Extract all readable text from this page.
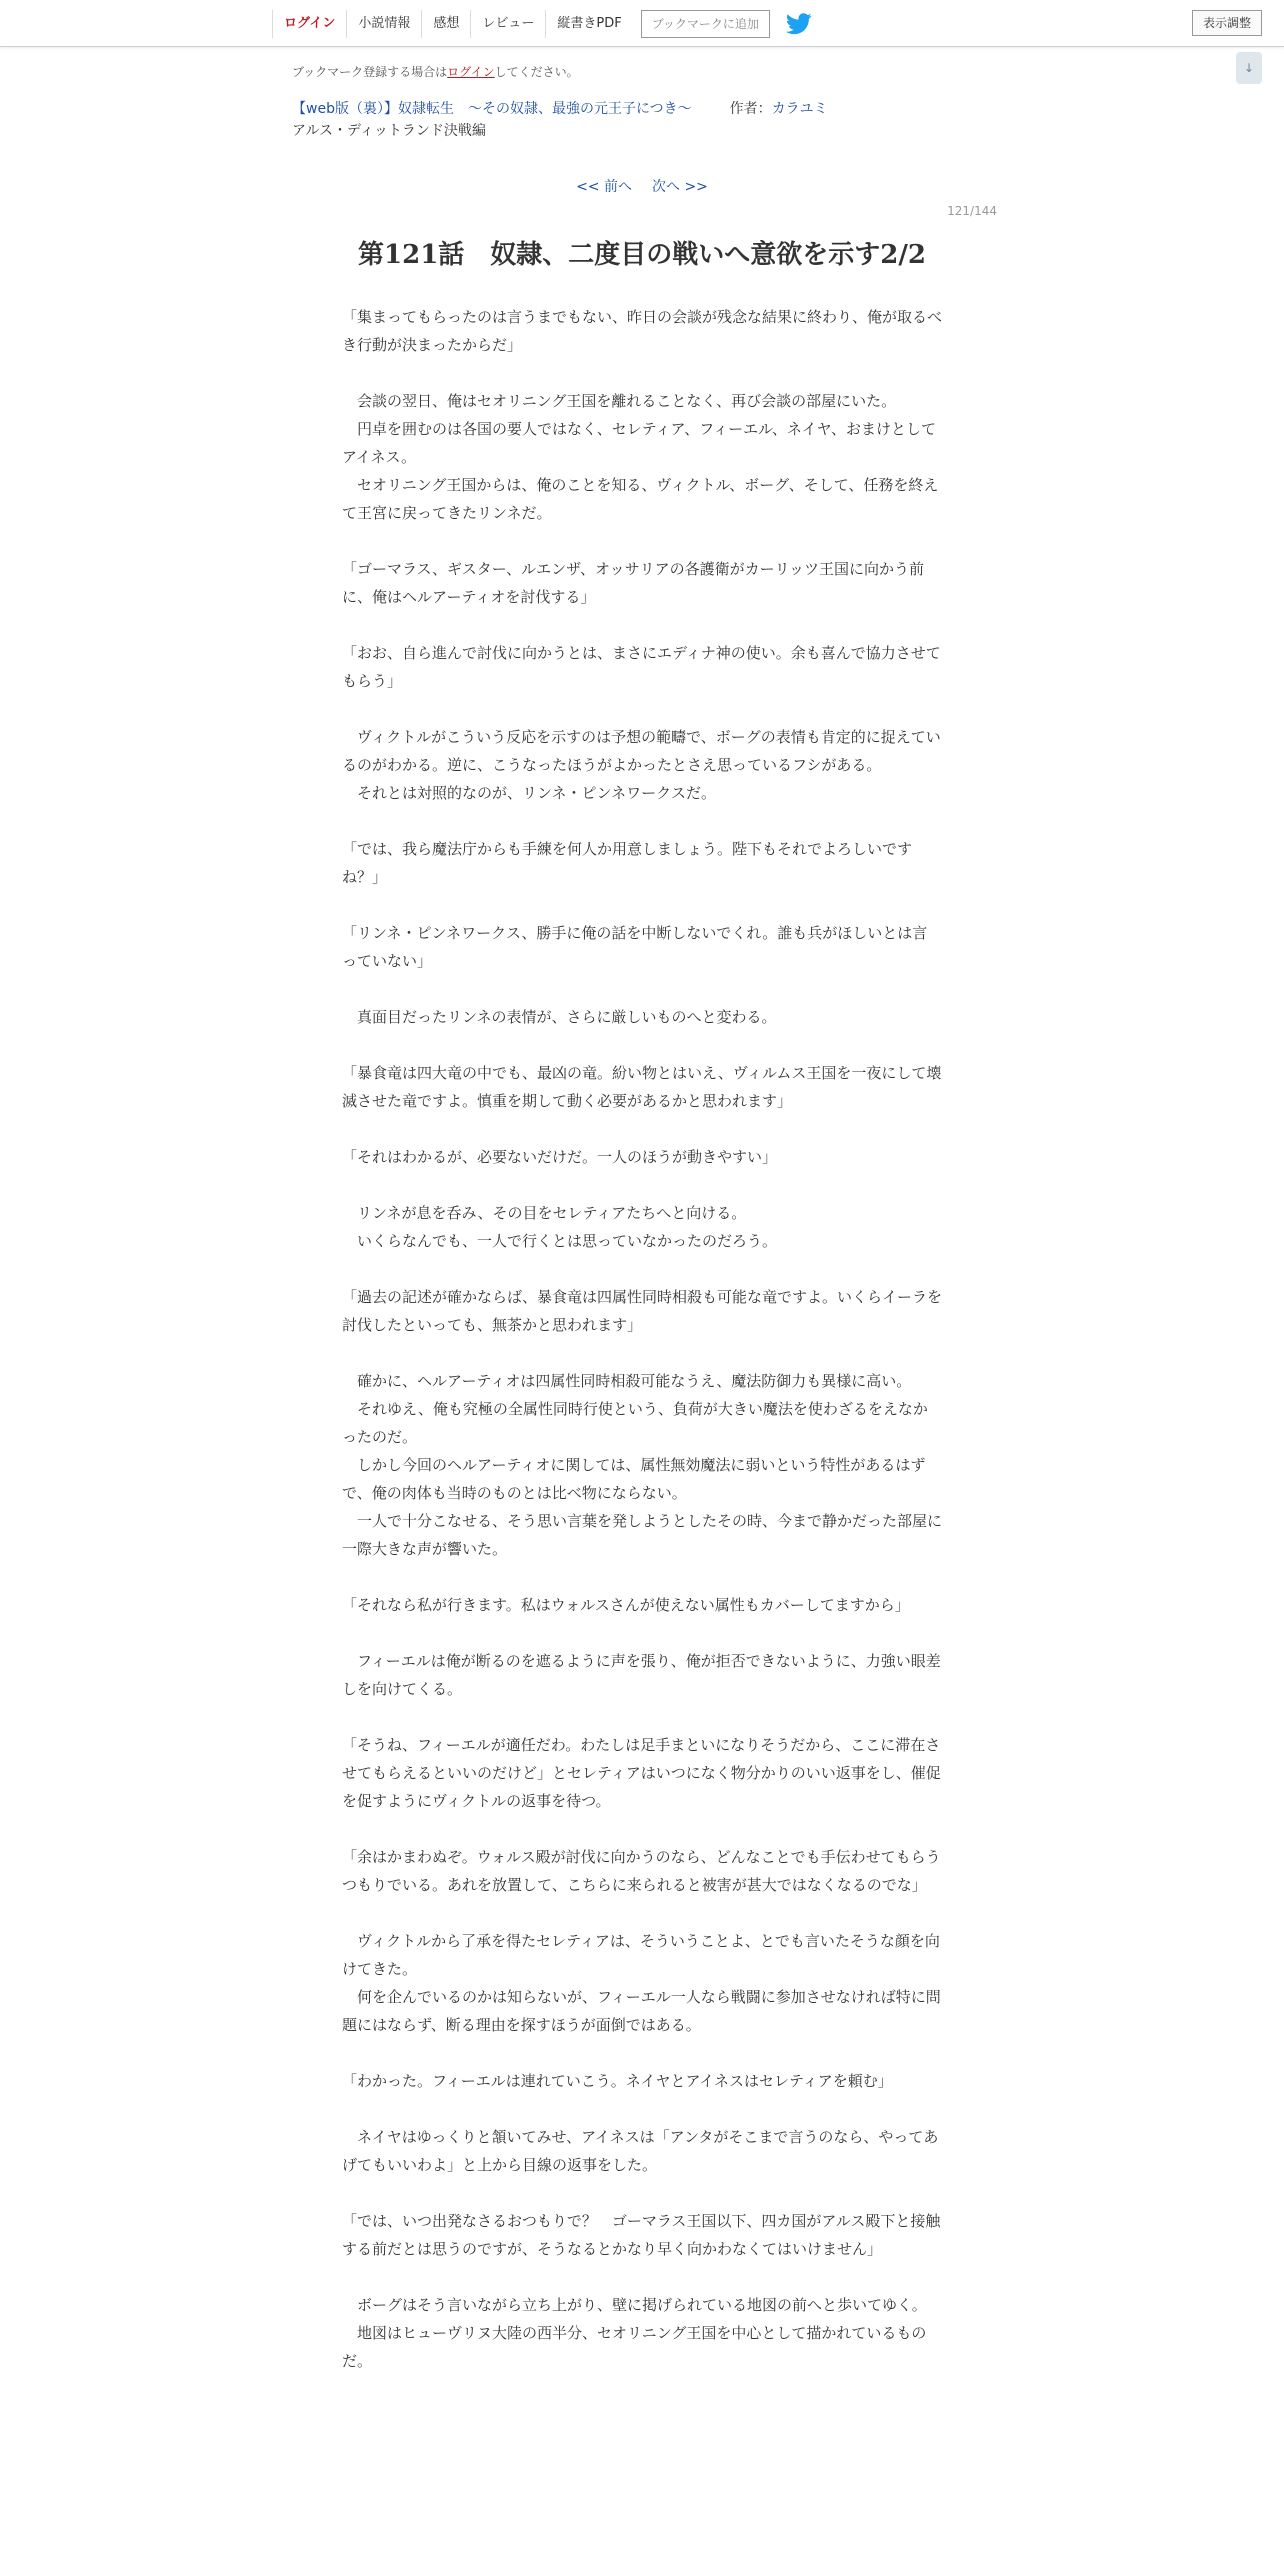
ログイン	小説情報	感想	レビュー	縦書きPDF	ブックマークに追加	表示調整
↓
ブックマーク登録する場合はログインしてください。
【web版（裏）】奴隷転生　～その奴隷、最強の元王子につき～	作者：カラユミ
アルス・ディットランド決戦編
<< 前へ 次へ >>
121/144
第121話　奴隷、二度目の戦いへ意欲を示す2/2

「集まってもらったのは言うまでもない、昨日の会談が残念な結果に終わり、俺が取るべき行動が決まったからだ」

　会談の翌日、俺はセオリニング王国を離れることなく、再び会談の部屋にいた。

　円卓を囲むのは各国の要人ではなく、セレティア、フィーエル、ネイヤ、おまけとしてアイネス。

　セオリニング王国からは、俺のことを知る、ヴィクトル、ボーグ、そして、任務を終えて王宮に戻ってきたリンネだ。

「ゴーマラス、ギスター、ルエンザ、オッサリアの各護衛がカーリッツ王国に向かう前に、俺はヘルアーティオを討伐する」

「おお、自ら進んで討伐に向かうとは、まさにエディナ神の使い。余も喜んで協力させてもらう」

　ヴィクトルがこういう反応を示すのは予想の範疇で、ボーグの表情も肯定的に捉えているのがわかる。逆に、こうなったほうがよかったとさえ思っているフシがある。

　それとは対照的なのが、リンネ・ピンネワークスだ。

「では、我ら魔法庁からも手練を何人か用意しましょう。陛下もそれでよろしいですね？」

「リンネ・ピンネワークス、勝手に俺の話を中断しないでくれ。誰も兵がほしいとは言っていない」

　真面目だったリンネの表情が、さらに厳しいものへと変わる。

「暴食竜は四大竜の中でも、最凶の竜。紛い物とはいえ、ヴィルムス王国を一夜にして壊滅させた竜ですよ。慎重を期して動く必要があるかと思われます」

「それはわかるが、必要ないだけだ。一人のほうが動きやすい」

　リンネが息を呑み、その目をセレティアたちへと向ける。

　いくらなんでも、一人で行くとは思っていなかったのだろう。

「過去の記述が確かならば、暴食竜は四属性同時相殺も可能な竜ですよ。いくらイーラを討伐したといっても、無茶かと思われます」

　確かに、ヘルアーティオは四属性同時相殺可能なうえ、魔法防御力も異様に高い。

　それゆえ、俺も究極の全属性同時行使という、負荷が大きい魔法を使わざるをえなかったのだ。

　しかし今回のヘルアーティオに関しては、属性無効魔法に弱いという特性があるはずで、俺の肉体も当時のものとは比べ物にならない。

　一人で十分こなせる、そう思い言葉を発しようとしたその時、今まで静かだった部屋に一際大きな声が響いた。

「それなら私が行きます。私はウォルスさんが使えない属性もカバーしてますから」

　フィーエルは俺が断るのを遮るように声を張り、俺が拒否できないように、力強い眼差しを向けてくる。

「そうね、フィーエルが適任だわ。わたしは足手まといになりそうだから、ここに滞在させてもらえるといいのだけど」とセレティアはいつになく物分かりのいい返事をし、催促を促すようにヴィクトルの返事を待つ。

「余はかまわぬぞ。ウォルス殿が討伐に向かうのなら、どんなことでも手伝わせてもらうつもりでいる。あれを放置して、こちらに来られると被害が甚大ではなくなるのでな」

　ヴィクトルから了承を得たセレティアは、そういうことよ、とでも言いたそうな顔を向けてきた。

　何を企んでいるのかは知らないが、フィーエル一人なら戦闘に参加させなければ特に問題にはならず、断る理由を探すほうが面倒ではある。

「わかった。フィーエルは連れていこう。ネイヤとアイネスはセレティアを頼む」

　ネイヤはゆっくりと頷いてみせ、アイネスは「アンタがそこまで言うのなら、やってあげてもいいわよ」と上から目線の返事をした。

「では、いつ出発なさるおつもりで？　ゴーマラス王国以下、四カ国がアルス殿下と接触する前だとは思うのですが、そうなるとかなり早く向かわなくてはいけません」

　ボーグはそう言いながら立ち上がり、壁に掲げられている地図の前へと歩いてゆく。

　地図はヒューヴリヌ大陸の西半分、セオリニング王国を中心として描かれているものだ。
